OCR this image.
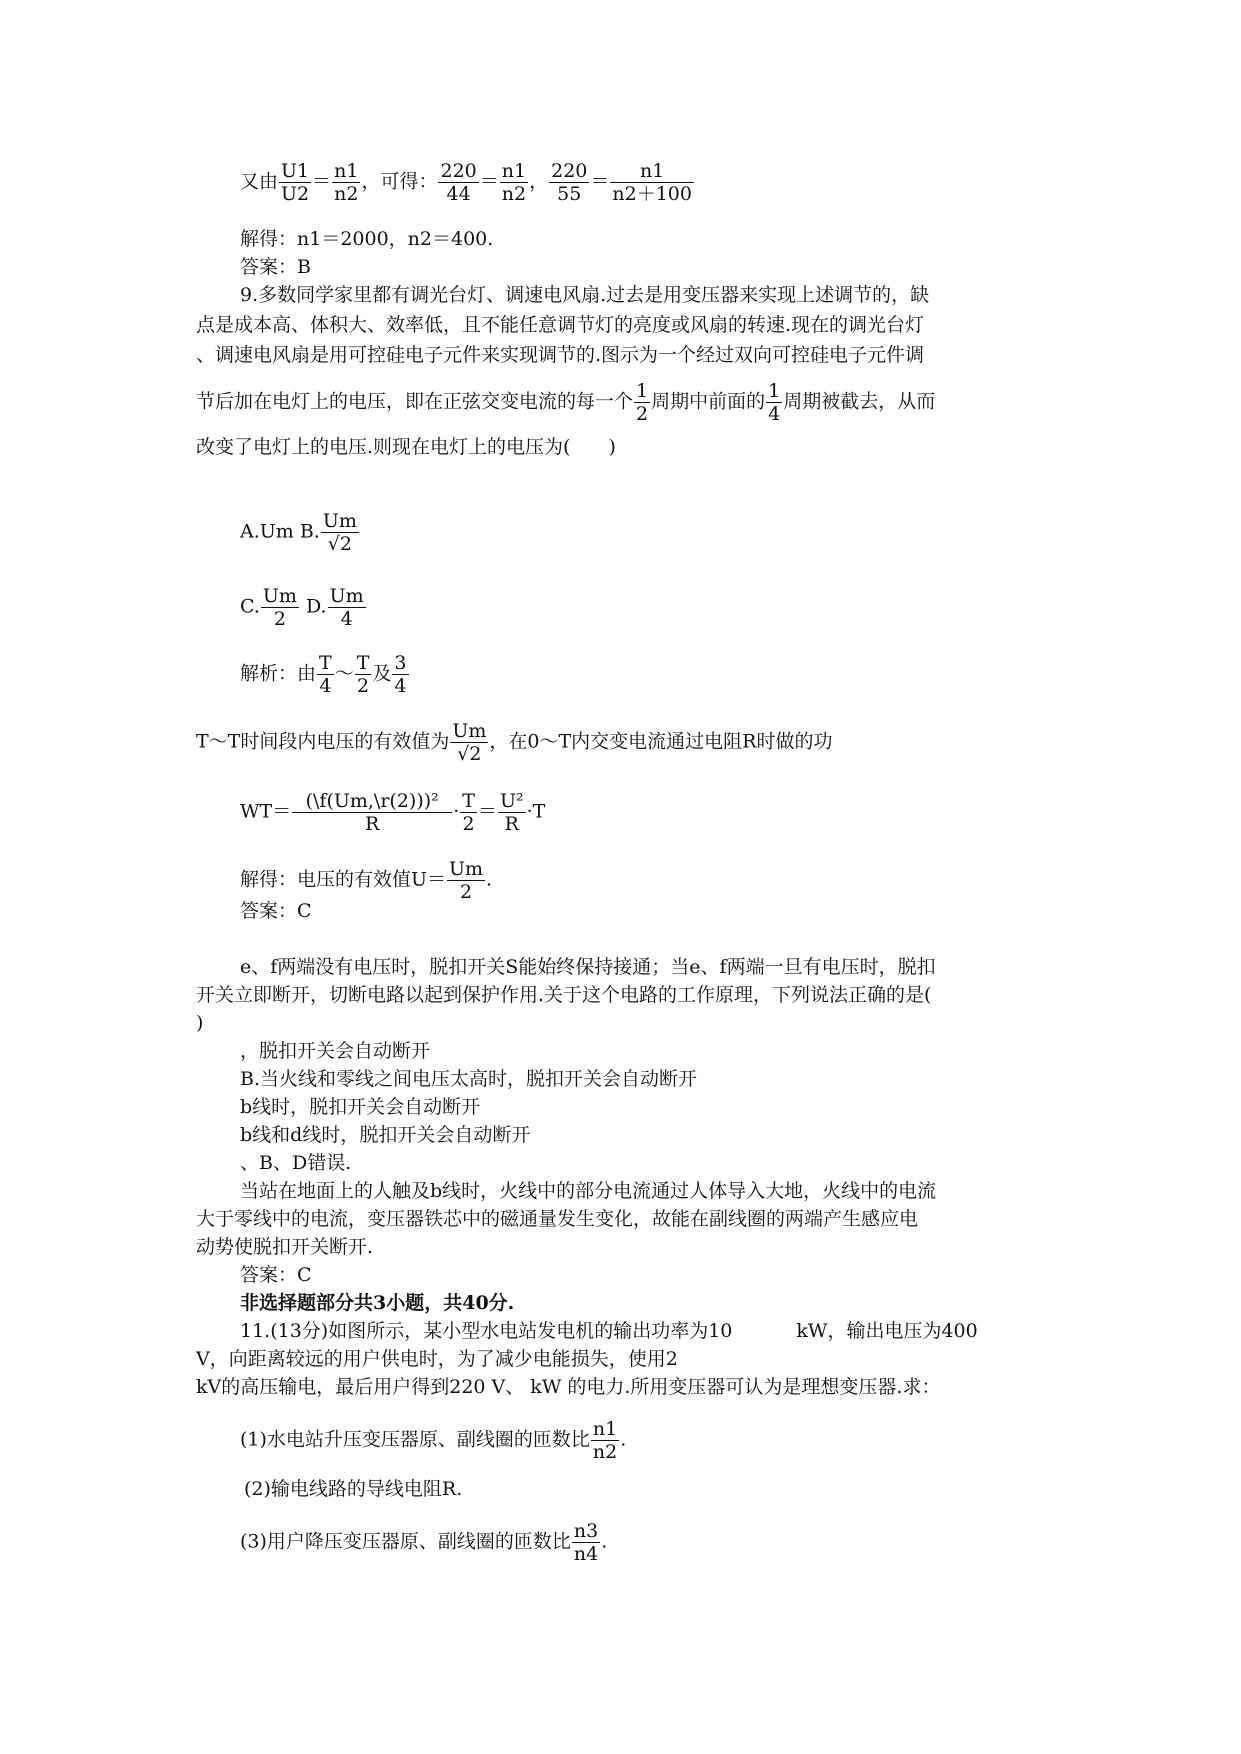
又由 $\frac{U1}{U2} = \frac{n1}{n2}$ ，可得： $\frac{220}{44} = \frac{n1}{n2}$ ， $\frac{220}{55} = \frac{n1}{n2+100}$
解得：n1＝2000，n2＝400.
答案：B
9.多数同学家里都有调光台灯、调速电风扇.过去是用变压器来实现上述调节的，缺
点是成本高、体积大、效率低，且不能任意调节灯的亮度或风扇的转速.现在的调光台灯
、调速电风扇是用可控硅电子元件来实现调节的.图示为一个经过双向可控硅电子元件调
节后加在电灯上的电压，即在正弦交变电流的每一个 $\frac{1}{2}$ 周期中前面的 $\frac{1}{4}$ 周期被截去，从而
改变了电灯上的电压.则现在电灯上的电压为(　　)
A.Um B. $\frac{Um}{√2}$
C. $\frac{Um}{2} D$. $\frac{Um}{4}$
解析：由 $\frac{T}{4}$ ～ $\frac{T}{2}$ 及 $\frac{3}{4}$
T～T时间段内电压的有效值为 $\frac{Um}{√2}$ ，在0～T内交变电流通过电阻R时做的功
$WT= \frac{\text{(\textbackslash{}f(Um,\textbackslash{}r(2)))²}}{R} \cdot \frac{T}{2} = \frac{\text{U²}}{R} \cdot T$
解得：电压的有效值$U= \frac{Um}{2}$ .
答案：C
e、f两端没有电压时，脱扣开关S能始终保持接通；当e、f两端一旦有电压时，脱扣
开关立即断开，切断电路以起到保护作用.关于这个电路的工作原理，下列说法正确的是(
)
，脱扣开关会自动断开
B.当火线和零线之间电压太高时，脱扣开关会自动断开
b线时，脱扣开关会自动断开
b线和d线时，脱扣开关会自动断开
、B、D错误.
当站在地面上的人触及b线时，火线中的部分电流通过人体导入大地，火线中的电流
大于零线中的电流，变压器铁芯中的磁通量发生变化，故能在副线圈的两端产生感应电
动势使脱扣开关断开.
答案：C
非选择题部分共3小题，共40分.
11.(13分)如图所示，某小型水电站发电机的输出功率为10	kW，输出电压为400
V，向距离较远的用户供电时，为了减少电能损失，使用2
kV的高压输电，最后用户得到220 V、 kW 的电力.所用变压器可认为是理想变压器.求：
(1)水电站升压变压器原、副线圈的匝数比 $\frac{n1}{n2}$ .
(2)输电线路的导线电阻R.
(3)用户降压变压器原、副线圈的匝数比 $\frac{n3}{n4}$ .
